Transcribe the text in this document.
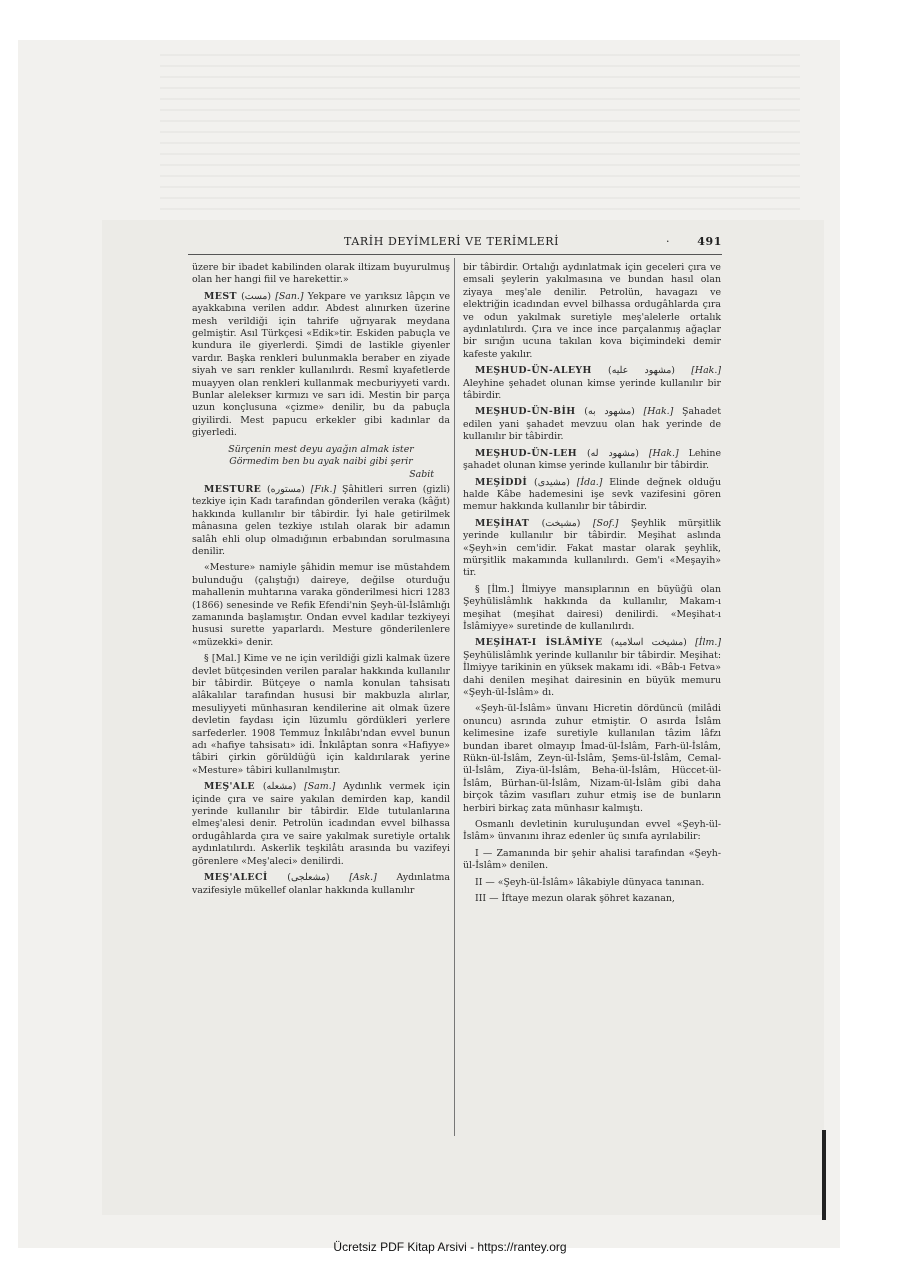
TARİH DEYİMLERİ VE TERİMLERİ	· 491

üzere bir ibadet kabilinden olarak iltizam buyurulmuş olan her hangi fiil ve harekettir.»

MEST (مست) [San.] Yekpare ve yarıksız lâpçın ve ayakkabına verilen addır. Abdest alınırken üzerine mesh verildiği için tahrife uğrıyarak meydana gelmiştir. Asıl Türkçesi «Edik»tir. Eskiden pabuçla ve kundura ile giyerlerdi. Şimdi de lastikle giyenler vardır. Başka renkleri bulunmakla beraber en ziyade siyah ve sarı renkler kullanılırdı. Resmî kıyafetlerde muayyen olan renkleri kullanmak mecburiyyeti vardı. Bunlar alelekser kırmızı ve sarı idi. Mestin bir parça uzun konçlusuna «çizme» denilir, bu da pabuçla giyilirdi. Mest papucu erkekler gibi kadınlar da giyerledi.

Sürçenin mest deyu ayağın almak ister
Görmedim ben bu ayak naibi gibi şerir
Sabit

MESTURE (مستوره) [Fık.] Şâhitleri sırren (gizli) tezkiye için Kadı tarafından gönderilen veraka (kâğıt) hakkında kullanılır bir tâbirdir. İyi hale getirilmek mânasına gelen tezkiye ıstılah olarak bir adamın salâh ehli olup olmadığının erbabından sorulmasına denilir.

«Mesture» namiyle şâhidin memur ise müstahdem bulunduğu (çalıştığı) daireye, değilse oturduğu mahallenin muhtarına varaka gönderilmesi hicri 1283 (1866) senesinde ve Refik Efendi'nin Şeyh-ül-İslâmlığı zamanında başlamıştır. Ondan evvel kadılar tezkiyeyi hususi surette yaparlardı. Mesture gönderilenlere «müzekki» denir.

§ [Mal.] Kime ve ne için verildiği gizli kalmak üzere devlet bütçesinden verilen paralar hakkında kullanılır bir tâbirdir. Bütçeye o namla konulan tahsisatı alâkalılar tarafından hususi bir makbuzla alırlar, mesuliyyeti münhasıran kendilerine ait olmak üzere devletin faydası için lüzumlu gördükleri yerlere sarfederler. 1908 Temmuz İnkılâbı'ndan evvel bunun adı «hafiye tahsisatı» idi. İnkılâptan sonra «Hafiyye» tâbiri çirkin görüldüğü için kaldırılarak yerine «Mesture» tâbiri kullanılmıştır.

MEŞ'ALE (مشعله) [Sam.] Aydınlık vermek için içinde çıra ve saire yakılan demirden kap, kandil yerinde kullanılır bir tâbirdir. Elde tutulanlarına elmeş'alesi denir. Petrolün icadından evvel bilhassa ordugâhlarda çıra ve saire yakılmak suretiyle ortalık aydınlatılırdı. Askerlik teşkilâtı arasında bu vazifeyi görenlere «Meş'aleci» denilirdi.

MEŞ'ALECİ (مشعلجی) [Ask.] Aydınlatma vazifesiyle mükellef olanlar hakkında kullanılır

bir tâbirdir. Ortalığı aydınlatmak için geceleri çıra ve emsali şeylerin yakılmasına ve bundan hasıl olan ziyaya meş'ale denilir. Petrolün, havagazı ve elektriğin icadından evvel bilhassa ordugâhlarda çıra ve odun yakılmak suretiyle meş'alelerle ortalık aydınlatılırdı. Çıra ve ince ince parçalanmış ağaçlar bir sırığın ucuna takılan kova biçimindeki demir kafeste yakılır.

MEŞHUD-ÜN-ALEYH (مشهود عليه) [Hak.] Aleyhine şehadet olunan kimse yerinde kullanılır bir tâbirdir.

MEŞHUD-ÜN-BİH (مشهود به) [Hak.] Şahadet edilen yani şahadet mevzuu olan hak yerinde de kullanılır bir tâbirdir.

MEŞHUD-ÜN-LEH (مشهود له) [Hak.] Lehine şahadet olunan kimse yerinde kullanılır bir tâbirdir.

MEŞİDDİ (مشیدی) [İda.] Elinde değnek olduğu halde Kâbe hademesini işe sevk vazifesini gören memur hakkında kullanılır bir tâbirdir.

MEŞİHAT (مشیخت) [Sof.] Şeyhlik mürşitlik yerinde kullanılır bir tâbirdir. Meşihat aslında «Şeyh»in cem'idir. Fakat mastar olarak şeyhlik, mürşitlik makamında kullanılırdı. Gem'i «Meşayih» tir.

§ [İlm.] İlmiyye mansıplarının en büyüğü olan Şeyhülislâmlık hakkında da kullanılır, Makam-ı meşihat (meşihat dairesi) denilirdi. «Meşihat-ı İslâmiyye» suretinde de kullanılırdı.

MEŞİHAT-I İSLÂMİYE (مشیخت اسلامیه) [İlm.] Şeyhülislâmlık yerinde kullanılır bir tâbirdir. Meşihat: İlmiyye tarikinin en yüksek makamı idi. «Bâb-ı Fetva» dahi denilen meşihat dairesinin en büyük memuru «Şeyh-ül-İslâm» dı.

«Şeyh-ül-İslâm» ünvanı Hicretin dördüncü (milâdi onuncu) asrında zuhur etmiştir. O asırda İslâm kelimesine izafe suretiyle kullanılan tâzim lâfzı bundan ibaret olmayıp İmad-ül-İslâm, Farh-ül-İslâm, Rükn-ül-İslâm, Zeyn-ül-İslâm, Şems-ül-İslâm, Cemal-ül-İslâm, Ziya-ül-İslâm, Beha-ül-İslâm, Hüccet-ül-İslâm, Bürhan-ül-İslâm, Nizam-ül-İslâm gibi daha birçok tâzim vasıfları zuhur etmiş ise de bunların herbiri birkaç zata münhasır kalmıştı.

Osmanlı devletinin kuruluşundan evvel «Şeyh-ül-İslâm» ünvanını ihraz edenler üç sınıfa ayrılabilir:

I — Zamanında bir şehir ahalisi tarafından «Şeyh-ül-İslâm» denilen.

II — «Şeyh-ül-İslâm» lâkabiyle dünyaca tanınan.

III — İftaye mezun olarak şöhret kazanan,

Ücretsiz PDF Kitap Arsivi - https://rantey.org
